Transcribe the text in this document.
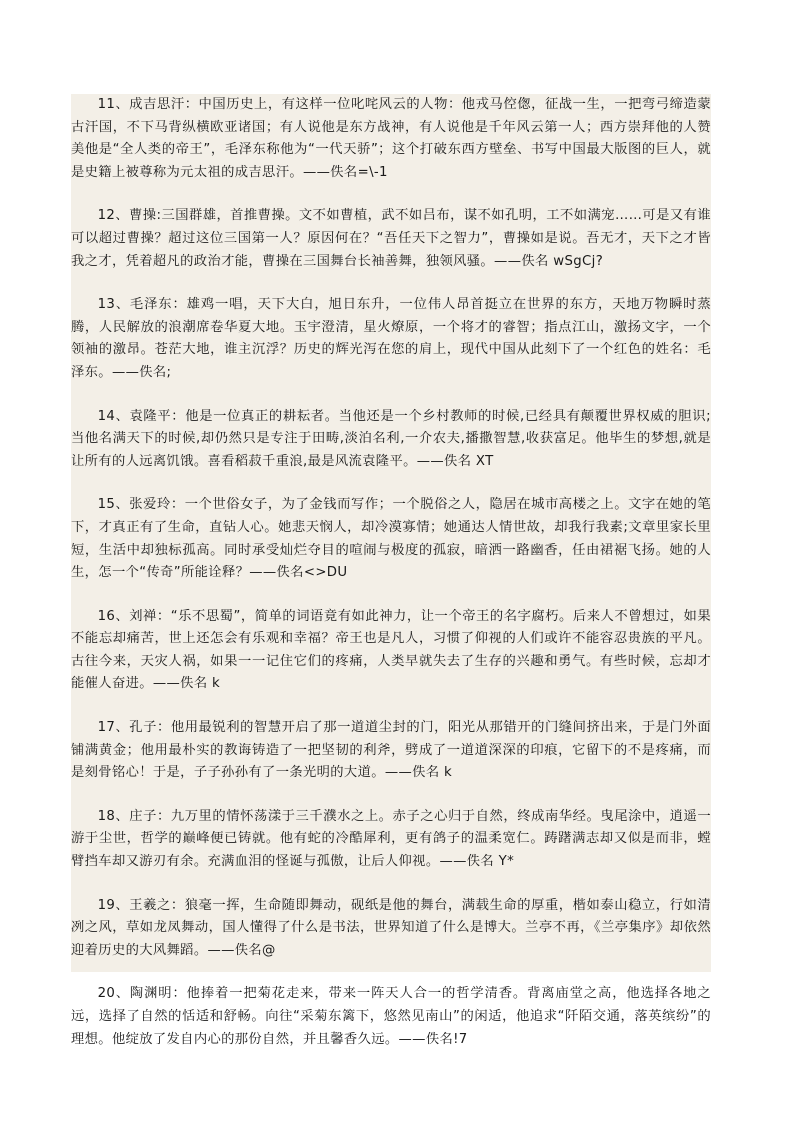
11、成吉思汗：中国历史上，有这样一位叱咤风云的人物：他戎马倥偬，征战一生，一把弯弓缔造蒙古汗国，不下马背纵横欧亚诸国；有人说他是东方战神，有人说他是千年风云第一人；西方崇拜他的人赞美他是“全人类的帝王”，毛泽东称他为“一代天骄”；这个打破东西方壁垒、书写中国最大版图的巨人，就是史籍上被尊称为元太祖的成吉思汗。——佚名=\-1

12、曹操:三国群雄，首推曹操。文不如曹植，武不如吕布，谋不如孔明，工不如满宠……可是又有谁可以超过曹操？超过这位三国第一人？原因何在？“吾任天下之智力”，曹操如是说。吾无才，天下之才皆我之才，凭着超凡的政治才能，曹操在三国舞台长袖善舞，独领风骚。——佚名 wSgCj?

13、毛泽东：雄鸡一唱，天下大白，旭日东升，一位伟人昂首挺立在世界的东方，天地万物瞬时蒸腾，人民解放的浪潮席卷华夏大地。玉宇澄清，星火燎原，一个将才的睿智；指点江山，激扬文字，一个领袖的激昂。苍茫大地，谁主沉浮？历史的辉光泻在您的肩上，现代中国从此刻下了一个红色的姓名：毛泽东。——佚名;

14、袁隆平：他是一位真正的耕耘者。当他还是一个乡村教师的时候,已经具有颠覆世界权威的胆识;当他名满天下的时候,却仍然只是专注于田畴,淡泊名利,一介农夫,播撒智慧,收获富足。他毕生的梦想,就是让所有的人远离饥饿。喜看稻菽千重浪,最是风流袁隆平。——佚名 XT

15、张爱玲：一个世俗女子，为了金钱而写作；一个脱俗之人，隐居在城市高楼之上。文字在她的笔下，才真正有了生命，直钻人心。她悲天悯人，却冷漠寡情；她通达人情世故，却我行我素;文章里家长里短，生活中却独标孤高。同时承受灿烂夺目的喧闹与极度的孤寂，暗洒一路幽香，任由裙裾飞扬。她的人生，怎一个“传奇”所能诠释？——佚名<>DU

16、刘禅：“乐不思蜀”，简单的词语竟有如此神力，让一个帝王的名字腐朽。后来人不曾想过，如果不能忘却痛苦，世上还怎会有乐观和幸福？帝王也是凡人，习惯了仰视的人们或许不能容忍贵族的平凡。古往今来，天灾人祸，如果一一记住它们的疼痛，人类早就失去了生存的兴趣和勇气。有些时候，忘却才能催人奋进。——佚名 k

17、孔子：他用最锐利的智慧开启了那一道道尘封的门，阳光从那错开的门缝间挤出来，于是门外面铺满黄金；他用最朴实的教诲铸造了一把坚韧的利斧，劈成了一道道深深的印痕，它留下的不是疼痛，而是刻骨铭心！于是，子子孙孙有了一条光明的大道。——佚名 k

18、庄子：九万里的情怀荡漾于三千濮水之上。赤子之心归于自然，终成南华经。曳尾涂中，逍遥一游于尘世，哲学的巅峰便已铸就。他有蛇的冷酷犀利，更有鸽子的温柔宽仁。踌躇满志却又似是而非，螳臂挡车却又游刃有余。充满血泪的怪诞与孤傲，让后人仰视。——佚名 Y*

19、王羲之：狼毫一挥，生命随即舞动，砚纸是他的舞台，满载生命的厚重，楷如泰山稳立，行如清冽之风，草如龙凤舞动，国人懂得了什么是书法，世界知道了什么是博大。兰亭不再，《兰亭集序》却依然迎着历史的大风舞蹈。——佚名@

20、陶渊明：他捧着一把菊花走来，带来一阵天人合一的哲学清香。背离庙堂之高，他选择各地之远，选择了自然的恬适和舒畅。向往“采菊东篱下，悠然见南山”的闲适，他追求“阡陌交通，落英缤纷”的理想。他绽放了发自内心的那份自然，并且馨香久远。——佚名!7
